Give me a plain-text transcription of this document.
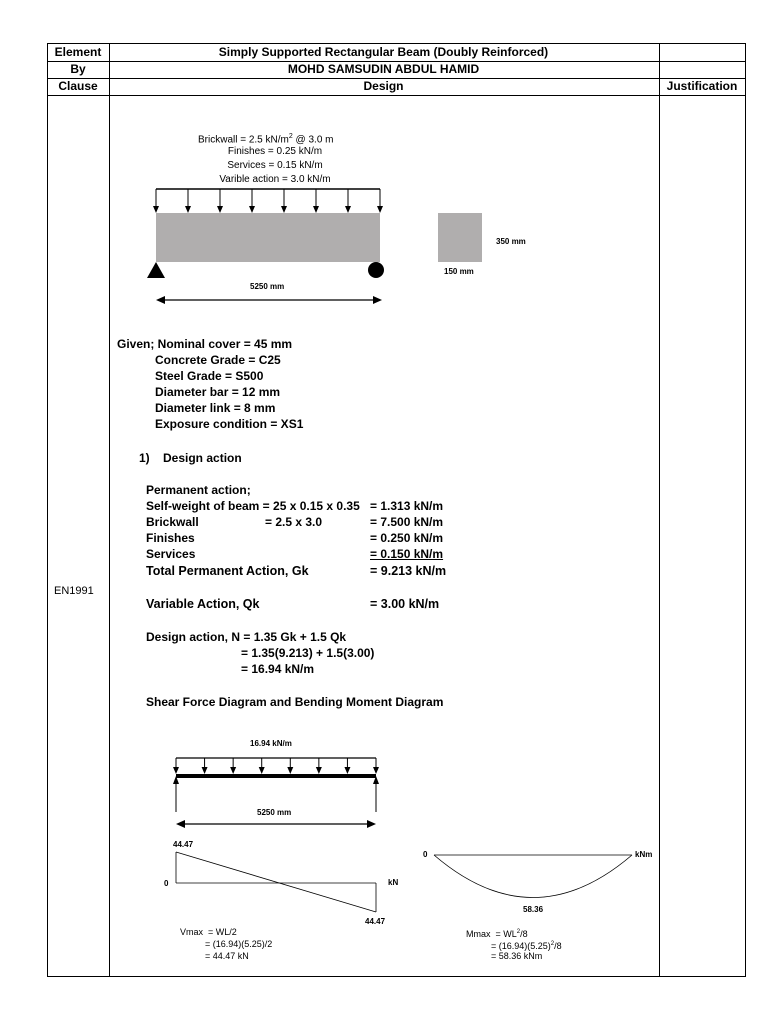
Element	Simply Supported Rectangular Beam (Doubly Reinforced)
By	MOHD SAMSUDIN ABDUL HAMID
Clause	Design	Justification
EN1991
Brickwall = 2.5 $kN/m^2$ @ 3.0 m
Finishes = 0.25 kN/m
Services = 0.15 kN/m
Varible action = 3.0 kN/m
5250 mm
350 mm
150 mm
Given; Nominal cover = 45 mm
Concrete Grade = C25
Steel Grade = S500
Diameter bar = 12 mm
Diameter link = 8 mm
Exposure condition = XS1
1)    Design action
Permanent action;
Self-weight of beam = 25 x 0.15 x 0.35 = 1.313 kN/m
Brickwall	= 2.5 x 3.0	= 7.500 kN/m
Finishes	= 0.250 kN/m
Services	= 0.150 kN/m
Total Permanent Action, Gk	= 9.213 kN/m
Variable Action, Qk	= 3.00 kN/m
Design action, N = 1.35 Gk + 1.5 Qk
= 1.35(9.213) + 1.5(3.00)
= 16.94 kN/m
Shear Force Diagram and Bending Moment Diagram
16.94 kN/m
5250 mm
44.47
0	kN
44.47
0	kNm
58.36
Vmax  = WL/2
= (16.94)(5.25)/2
= 44.47 kN
$Mmax = WL^2/8$
= $(16.94)(5.25)^2/8$
= 58.36 kNm
